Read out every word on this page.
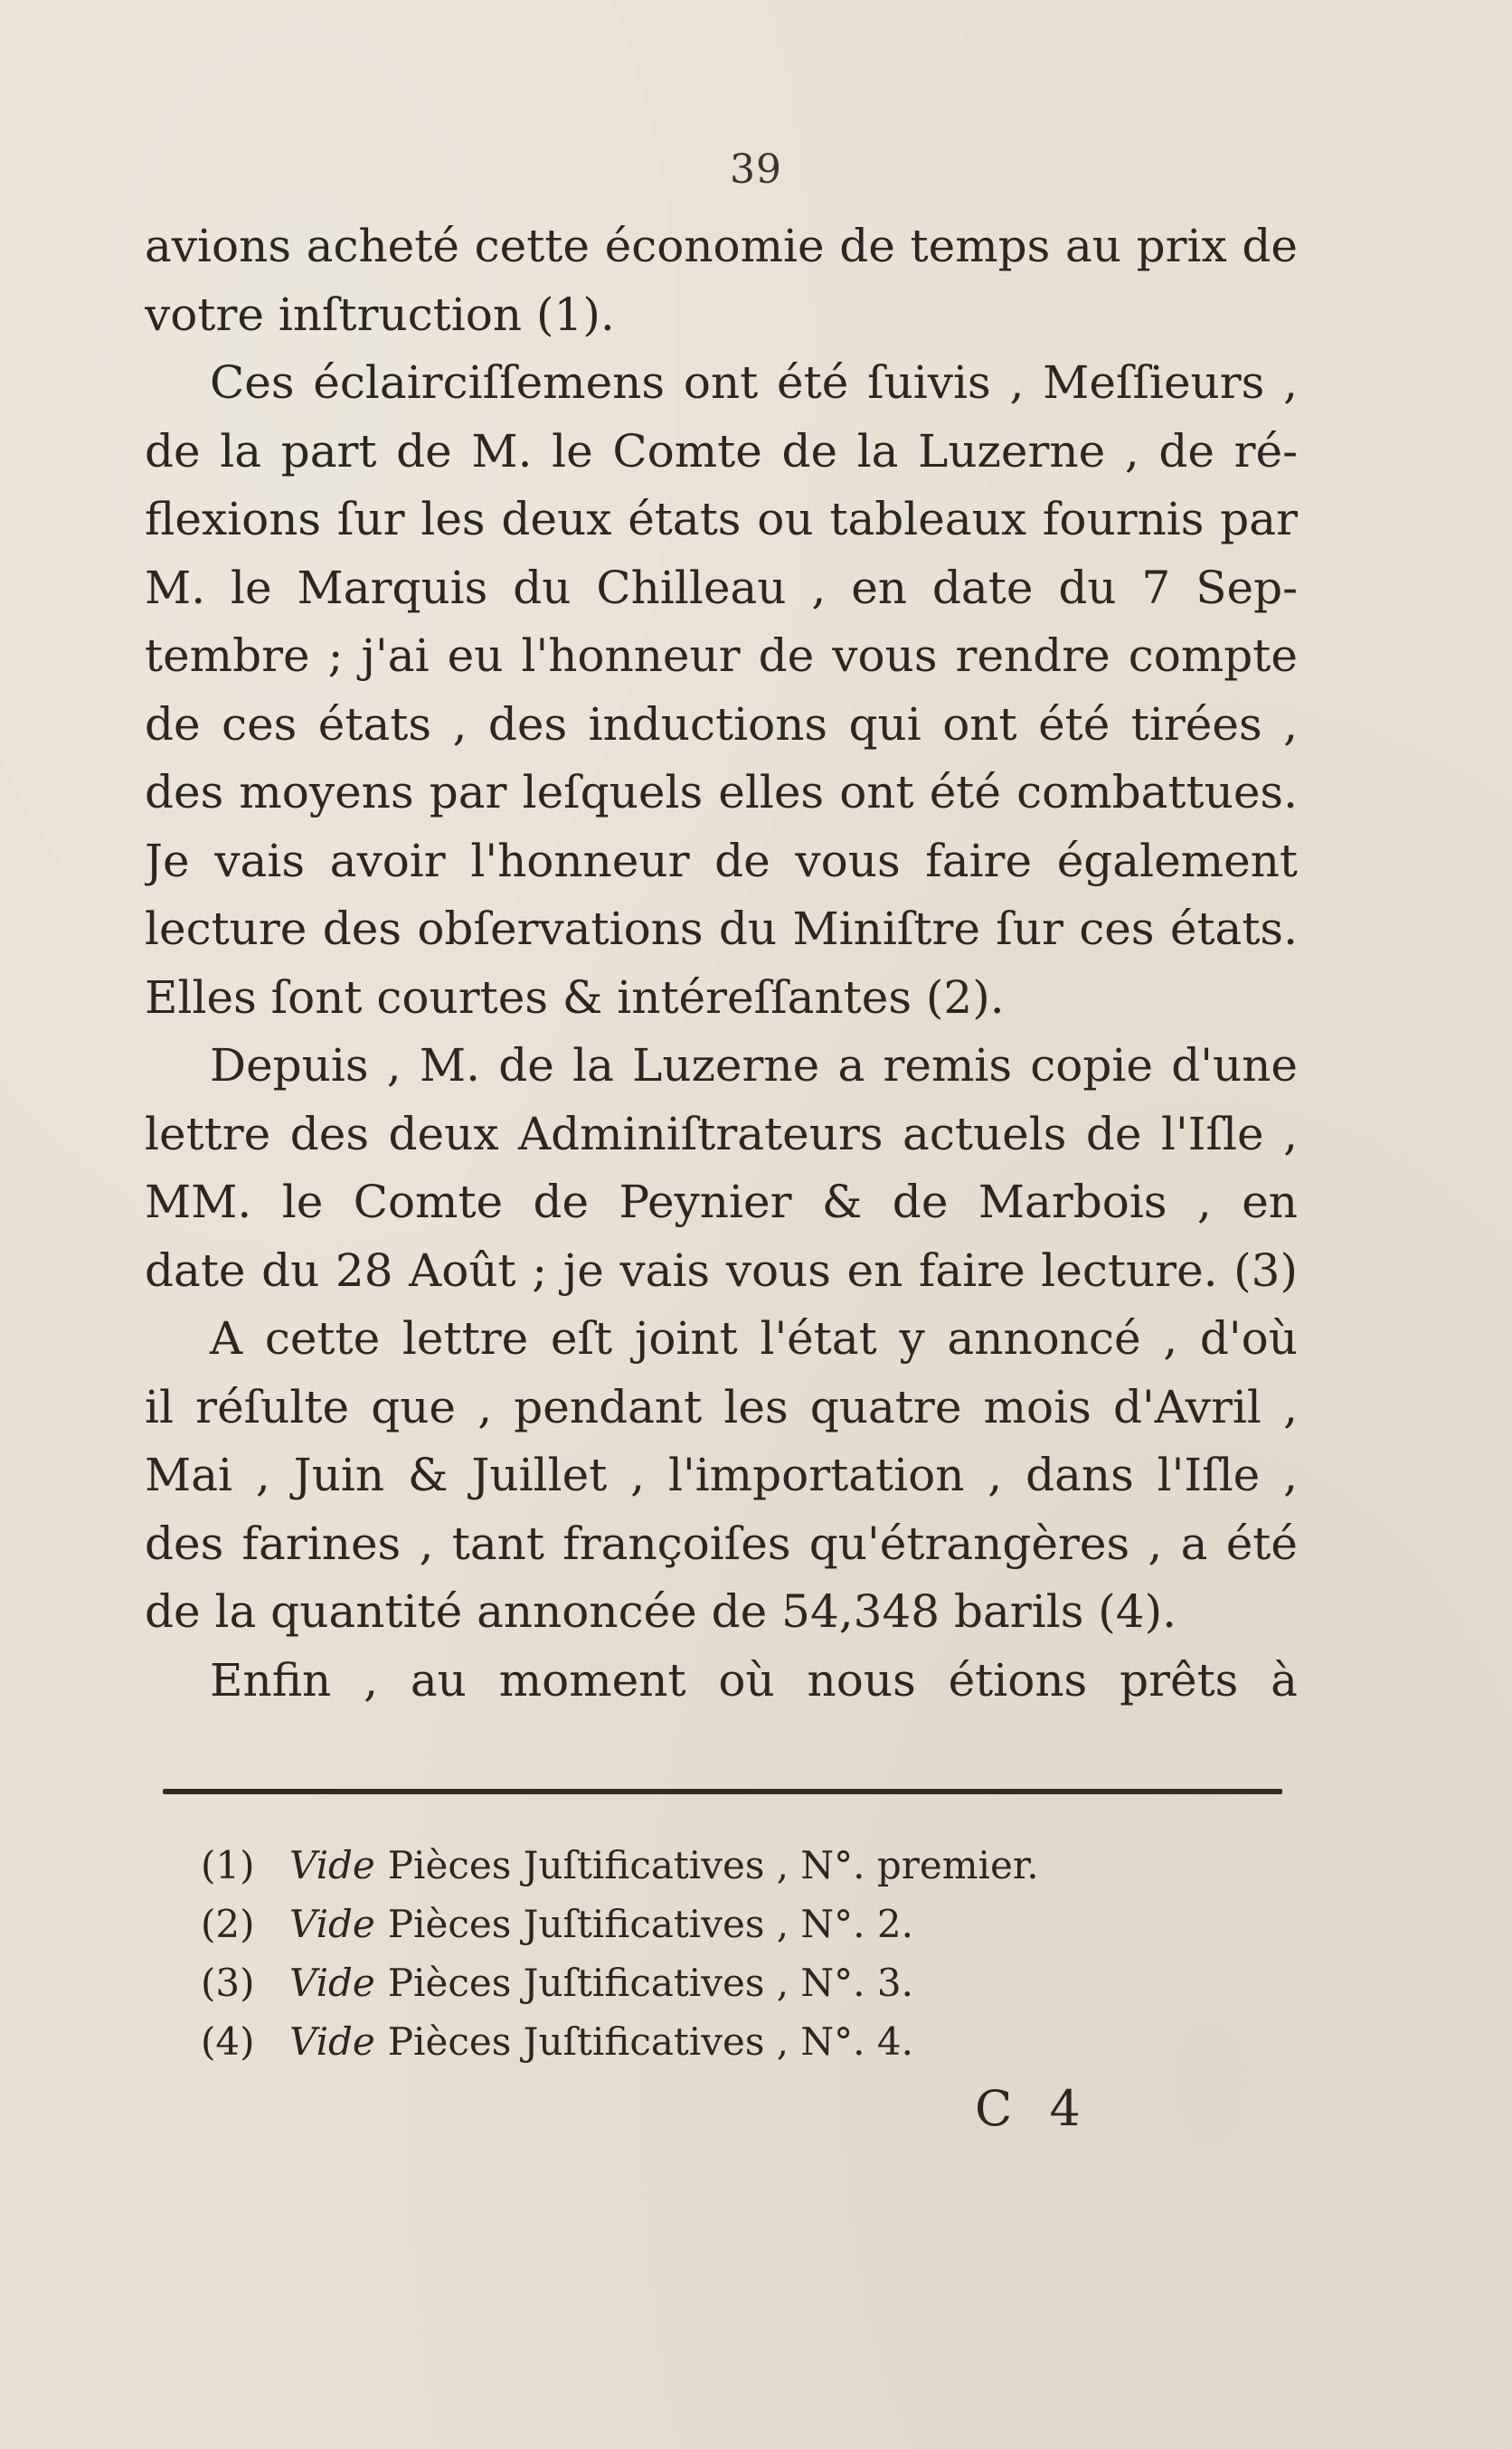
39
avions acheté cette économie de temps au prix de
votre inſtruction (1).
Ces éclairciſſemens ont été ſuivis , Meſſieurs ,
de la part de M. le Comte de la Luzerne , de ré-
flexions ſur les deux états ou tableaux fournis par
M. le Marquis du Chilleau , en date du 7 Sep-
tembre ; j'ai eu l'honneur de vous rendre compte
de ces états , des inductions qui ont été tirées ,
des moyens par leſquels elles ont été combattues.
Je vais avoir l'honneur de vous faire également
lecture des obſervations du Miniſtre ſur ces états.
Elles ſont courtes & intéreſſantes (2).
Depuis , M. de la Luzerne a remis copie d'une
lettre des deux Adminiſtrateurs actuels de l'Iſle ,
MM. le Comte de Peynier & de Marbois , en
date du 28 Août ; je vais vous en faire lecture. (3)
A cette lettre eſt joint l'état y annoncé , d'où
il réſulte que , pendant les quatre mois d'Avril ,
Mai , Juin & Juillet , l'importation , dans l'Iſle ,
des farines , tant françoiſes qu'étrangères , a été
de la quantité annoncée de 54,348 barils (4).
Enfin , au moment où nous étions prêts à
(1) Vide Pièces Juſtificatives , N°. premier.
(2) Vide Pièces Juſtificatives , N°. 2.
(3) Vide Pièces Juſtificatives , N°. 3.
(4) Vide Pièces Juſtificatives , N°. 4.
C 4
